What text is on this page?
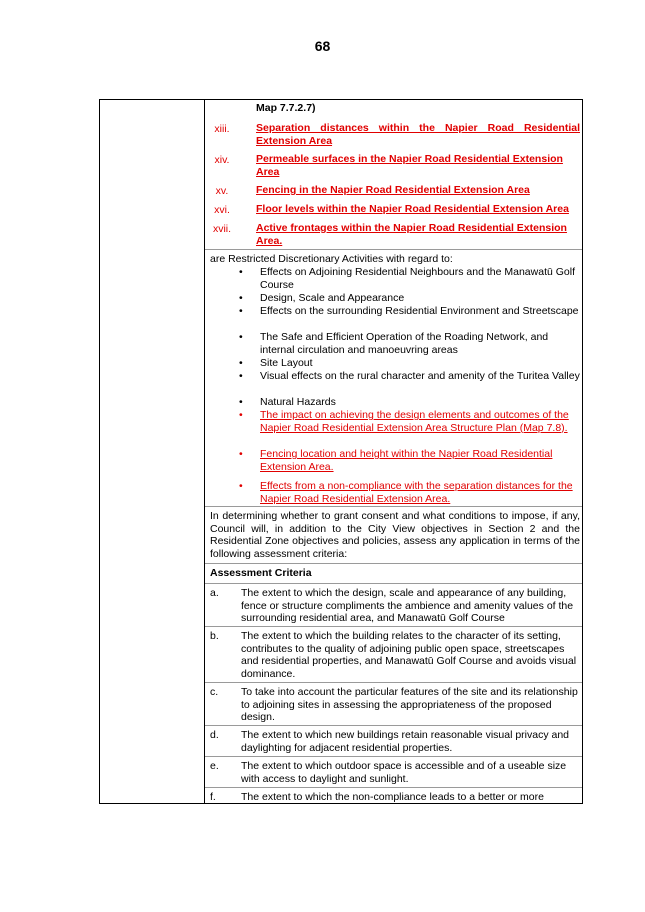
68
Map 7.7.2.7)
xiii.	Separation distances within the Napier Road Residential Extension Area
xiv.	Permeable surfaces in the Napier Road Residential Extension Area
xv.	Fencing in the Napier Road Residential Extension Area
xvi.	Floor levels within the Napier Road Residential Extension Area
xvii.	Active frontages within the Napier Road Residential Extension Area.
are Restricted Discretionary Activities with regard to:
• Effects on Adjoining Residential Neighbours and the Manawatū Golf Course
• Design, Scale and Appearance
• Effects on the surrounding Residential Environment and Streetscape
• The Safe and Efficient Operation of the Roading Network, and internal circulation and manoeuvring areas
• Site Layout
• Visual effects on the rural character and amenity of the Turitea Valley
• Natural Hazards
• The impact on achieving the design elements and outcomes of the Napier Road Residential Extension Area Structure Plan (Map 7.8).
• Fencing location and height within the Napier Road Residential Extension Area.
• Effects from a non-compliance with the separation distances for the Napier Road Residential Extension Area.
In determining whether to grant consent and what conditions to impose, if any, Council will, in addition to the City View objectives in Section 2 and the Residential Zone objectives and policies, assess any application in terms of the following assessment criteria:
Assessment Criteria
a. The extent to which the design, scale and appearance of any building, fence or structure compliments the ambience and amenity values of the surrounding residential area, and Manawatū Golf Course
b. The extent to which the building relates to the character of its setting, contributes to the quality of adjoining public open space, streetscapes and residential properties, and Manawatū Golf Course and avoids visual dominance.
c. To take into account the particular features of the site and its relationship to adjoining sites in assessing the appropriateness of the proposed design.
d. The extent to which new buildings retain reasonable visual privacy and daylighting for adjacent residential properties.
e. The extent to which outdoor space is accessible and of a useable size with access to daylight and sunlight.
f. The extent to which the non-compliance leads to a better or more
